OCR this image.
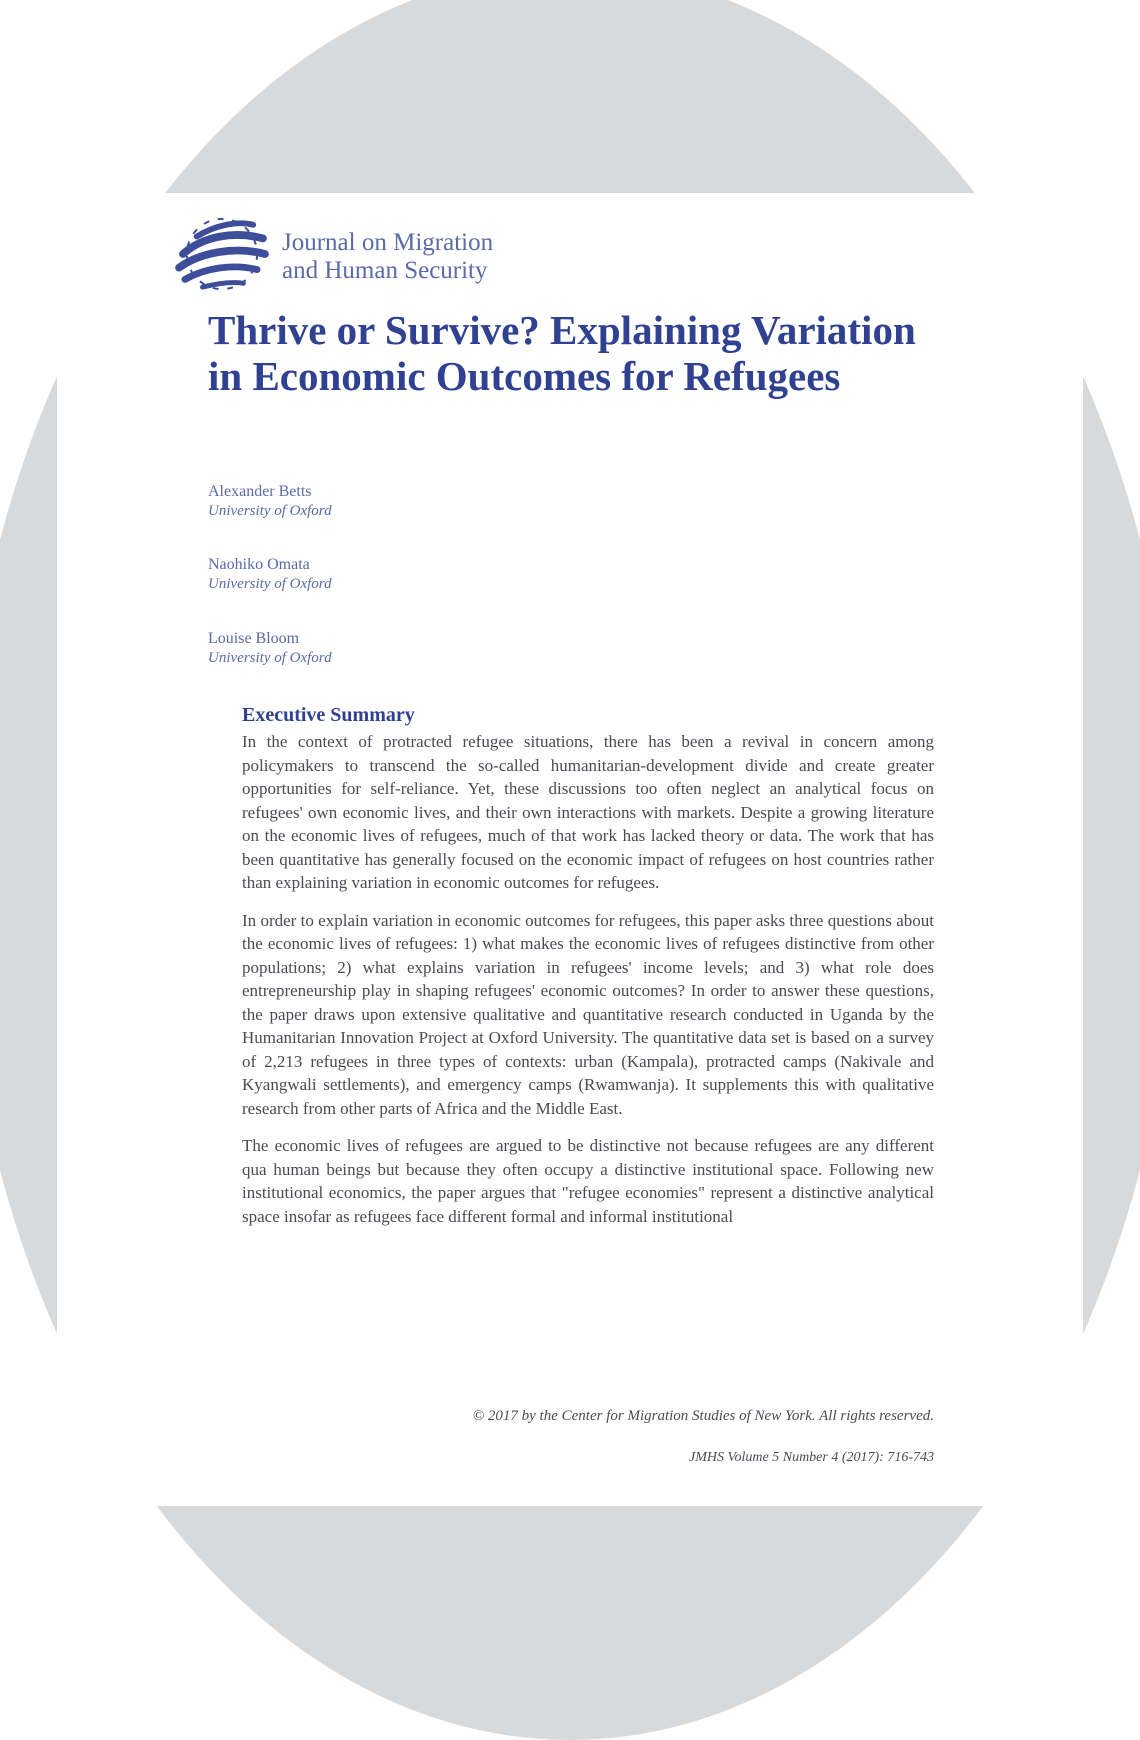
Journal on Migration
and Human Security
Thrive or Survive? Explaining Variation in Economic Outcomes for Refugees
Alexander Betts
University of Oxford
Naohiko Omata
University of Oxford
Louise Bloom
University of Oxford
Executive Summary

In the context of protracted refugee situations, there has been a revival in concern among policymakers to transcend the so-called humanitarian-development divide and create greater opportunities for self-reliance. Yet, these discussions too often neglect an analytical focus on refugees' own economic lives, and their own interactions with markets. Despite a growing literature on the economic lives of refugees, much of that work has lacked theory or data. The work that has been quantitative has generally focused on the economic impact of refugees on host countries rather than explaining variation in economic outcomes for refugees.

In order to explain variation in economic outcomes for refugees, this paper asks three questions about the economic lives of refugees: 1) what makes the economic lives of refugees distinctive from other populations; 2) what explains variation in refugees' income levels; and 3) what role does entrepreneurship play in shaping refugees' economic outcomes? In order to answer these questions, the paper draws upon extensive qualitative and quantitative research conducted in Uganda by the Humanitarian Innovation Project at Oxford University. The quantitative data set is based on a survey of 2,213 refugees in three types of contexts: urban (Kampala), protracted camps (Nakivale and Kyangwali settlements), and emergency camps (Rwamwanja). It supplements this with qualitative research from other parts of Africa and the Middle East.

The economic lives of refugees are argued to be distinctive not because refugees are any different qua human beings but because they often occupy a distinctive institutional space. Following new institutional economics, the paper argues that "refugee economies" represent a distinctive analytical space insofar as refugees face different formal and informal institutional

© 2017 by the Center for Migration Studies of New York. All rights reserved.
JMHS Volume 5 Number 4 (2017): 716-743
